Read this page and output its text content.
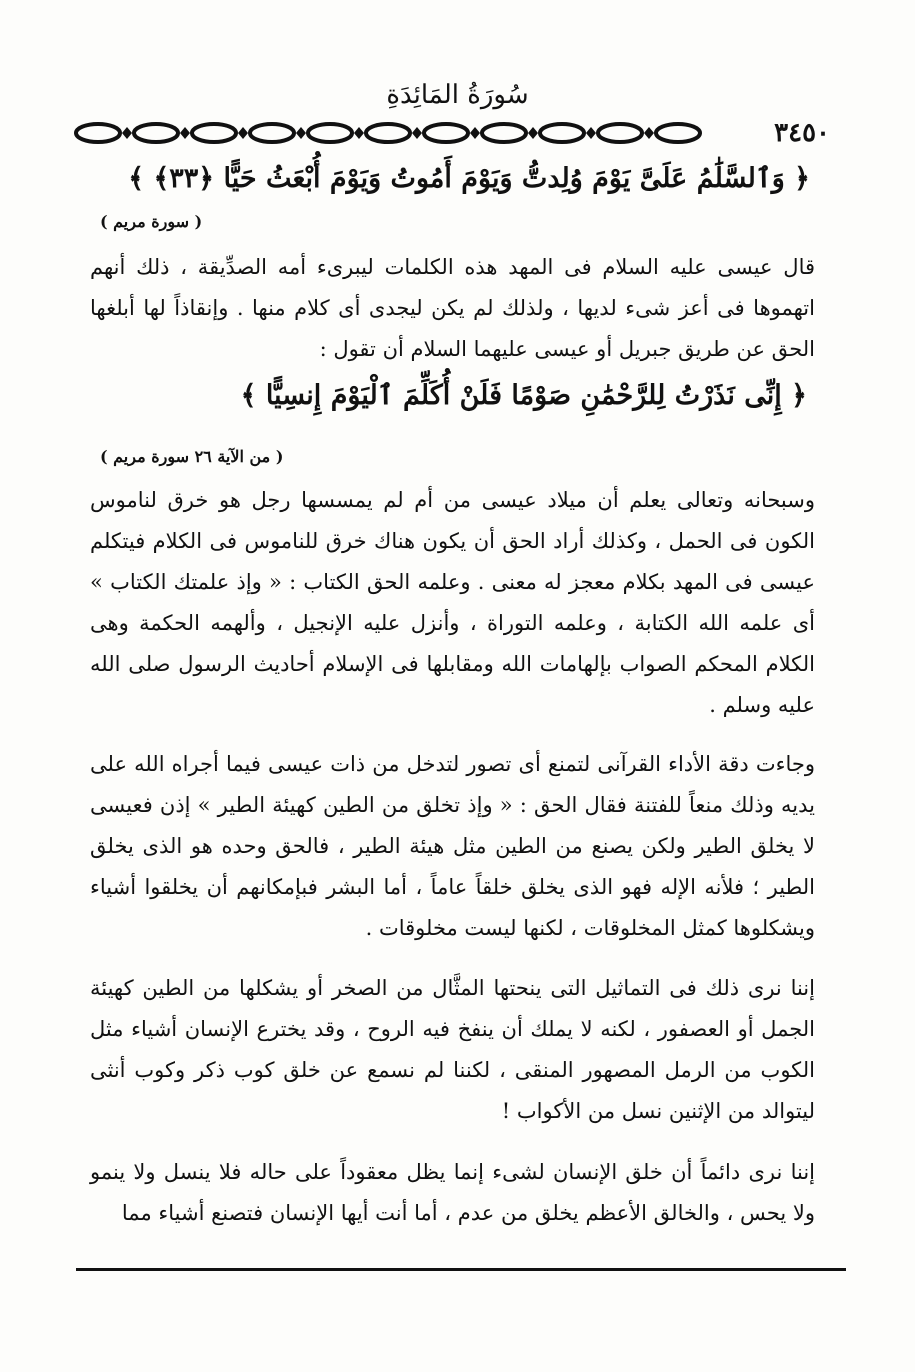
سُورَةُ المَائِدَةِ
٣٤٥٠
﴿ وَٱلسَّلَٰمُ عَلَىَّ يَوْمَ وُلِدتُّ وَيَوْمَ أَمُوتُ وَيَوْمَ أُبْعَثُ حَيًّا ﴿٣٣﴾ ﴾
( سورة مريم )
قال عيسى عليه السلام فى المهد هذه الكلمات ليبرىء أمه الصدِّيقة ، ذلك أنهم اتهموها فى أعز شىء لديها ، ولذلك لم يكن ليجدى أى كلام منها . وإنقاذاً لها أبلغها الحق عن طريق جبريل أو عيسى عليهما السلام أن تقول :
﴿ إِنِّى نَذَرْتُ لِلرَّحْمَٰنِ صَوْمًا فَلَنْ أُكَلِّمَ ٱلْيَوْمَ إِنسِيًّا ﴾
( من الآية ٢٦ سورة مريم )
وسبحانه وتعالى يعلم أن ميلاد عيسى من أم لم يمسسها رجل هو خرق لناموس الكون فى الحمل ، وكذلك أراد الحق أن يكون هناك خرق للناموس فى الكلام فيتكلم عيسى فى المهد بكلام معجز له معنى . وعلمه الحق الكتاب : « وإذ علمتك الكتاب » أى علمه الله الكتابة ، وعلمه التوراة ، وأنزل عليه الإنجيل ، وألهمه الحكمة وهى الكلام المحكم الصواب بإلهامات الله ومقابلها فى الإسلام أحاديث الرسول صلى الله عليه وسلم .
وجاءت دقة الأداء القرآنى لتمنع أى تصور لتدخل من ذات عيسى فيما أجراه الله على يديه وذلك منعاً للفتنة فقال الحق : « وإذ تخلق من الطين كهيئة الطير » إذن فعيسى لا يخلق الطير ولكن يصنع من الطين مثل هيئة الطير ، فالحق وحده هو الذى يخلق الطير ؛ فلأنه الإله فهو الذى يخلق خلقاً عاماً ، أما البشر فبإمكانهم أن يخلقوا أشياء ويشكلوها كمثل المخلوقات ، لكنها ليست مخلوقات .
إننا نرى ذلك فى التماثيل التى ينحتها المثَّال من الصخر أو يشكلها من الطين كهيئة الجمل أو العصفور ، لكنه لا يملك أن ينفخ فيه الروح ، وقد يخترع الإنسان أشياء مثل الكوب من الرمل المصهور المنقى ، لكننا لم نسمع عن خلق كوب ذكر وكوب أنثى ليتوالد من الإثنين نسل من الأكواب !
إننا نرى دائماً أن خلق الإنسان لشىء إنما يظل معقوداً على حاله فلا ينسل ولا ينمو ولا يحس ، والخالق الأعظم يخلق من عدم ، أما أنت أيها الإنسان فتصنع أشياء مما
